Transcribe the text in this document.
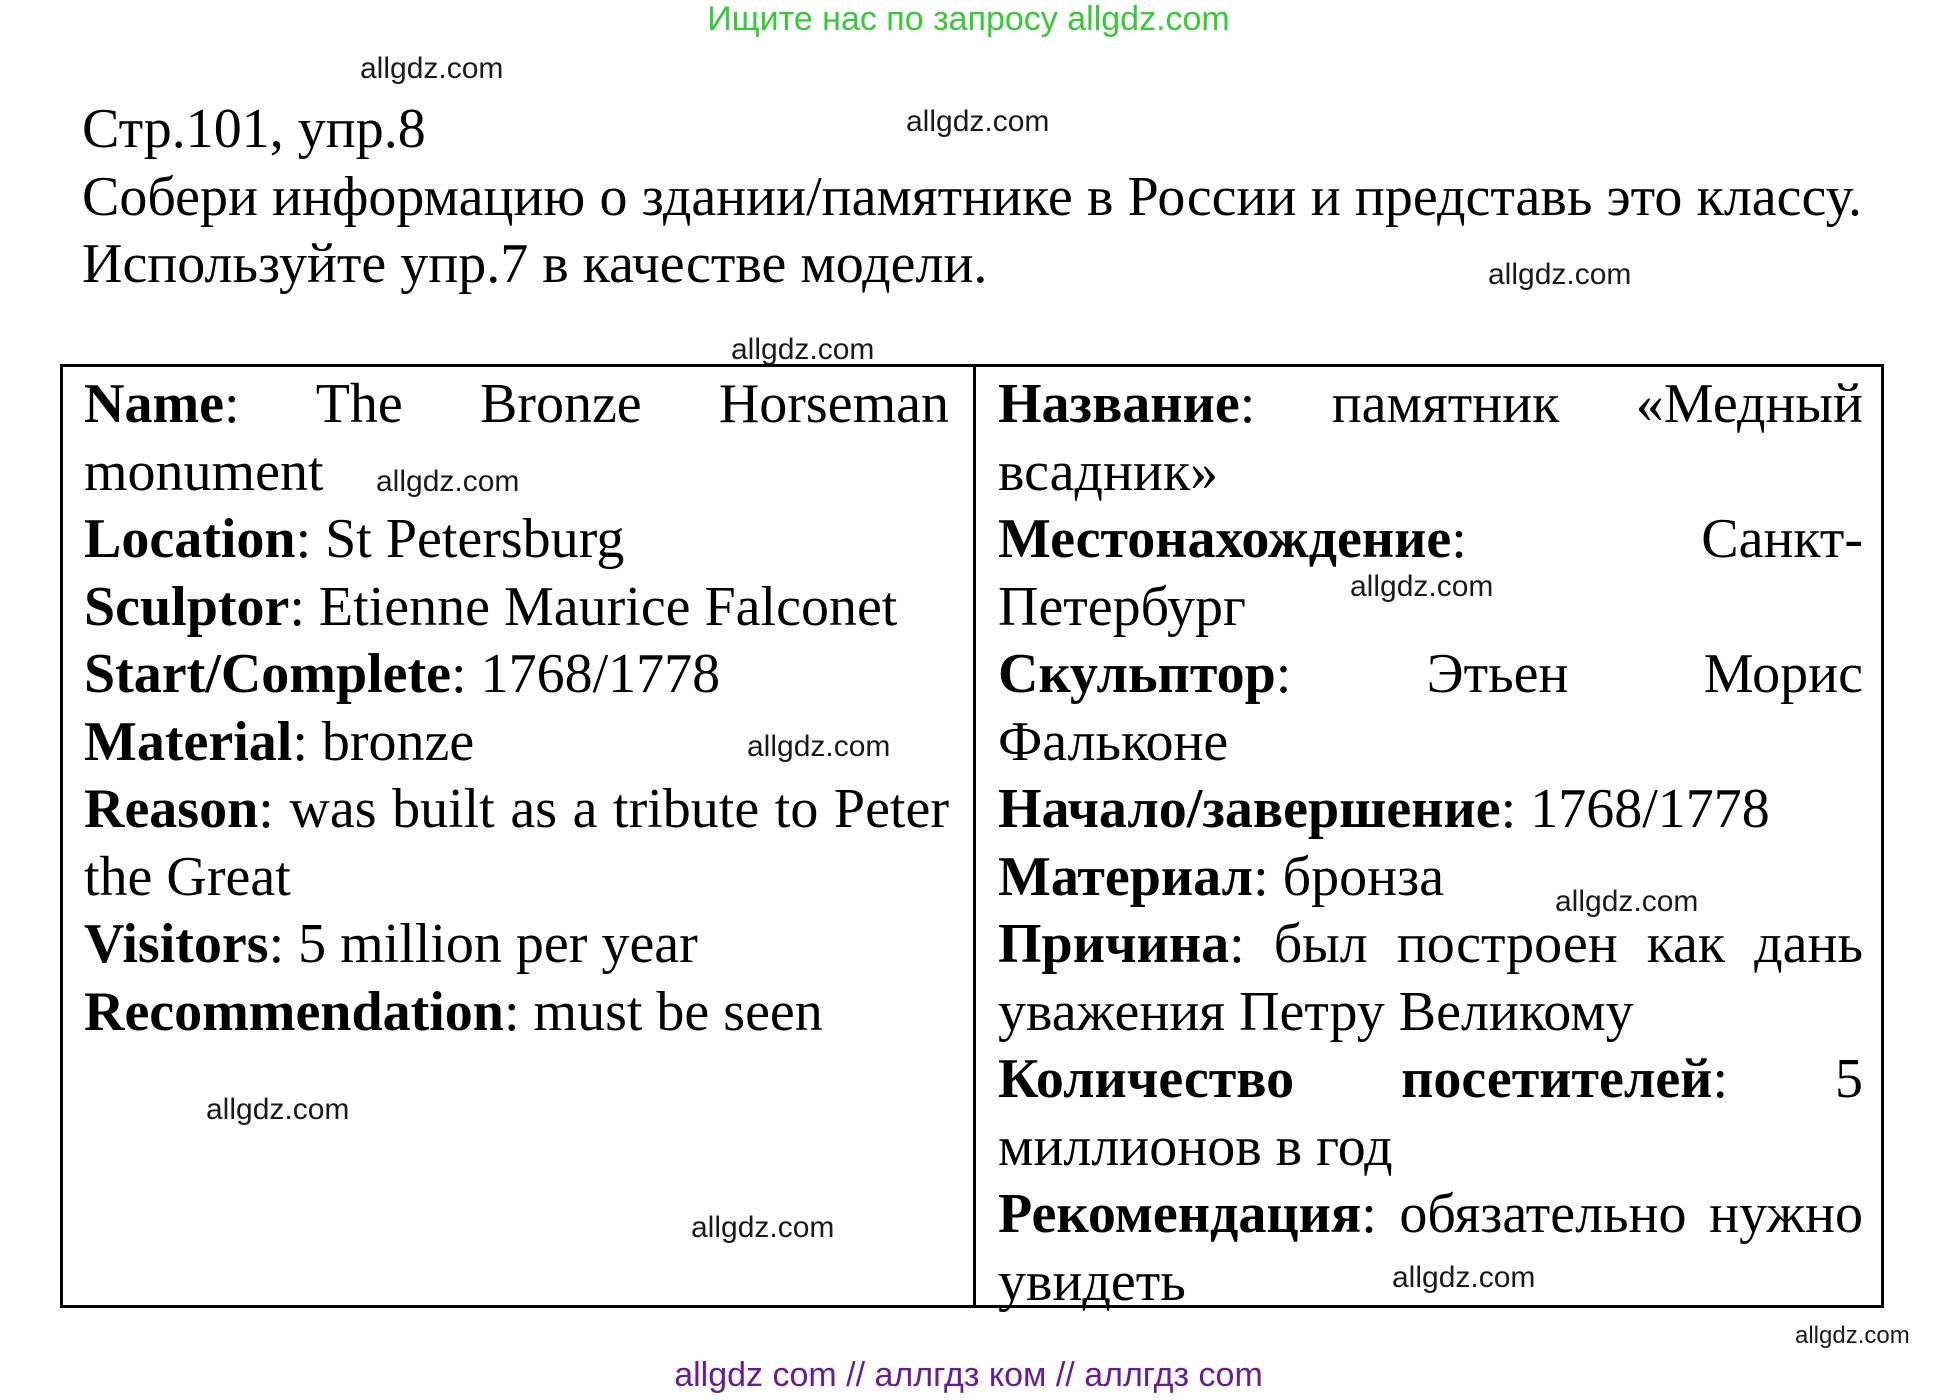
Ищите нас по запросу allgdz.com
Стр.101, упр.8
Собери информацию о здании/памятнике в России и представь это классу. Используйте упр.7 в качестве модели.
Name: The Bronze Horseman monument
Location: St Petersburg
Sculptor: Etienne Maurice Falconet
Start/Complete: 1768/1778
Material: bronze
Reason: was built as a tribute to Peter the Great
Visitors: 5 million per year
Recommendation: must be seen
Название: памятник «Медный всадник»
Местонахождение: Санкт-Петербург
Скульптор: Этьен Морис Фальконе
Начало/завершение: 1768/1778
Материал: бронза
Причина: был построен как дань уважения Петру Великому
Количество посетителей: 5 миллионов в год
Рекомендация: обязательно нужно увидеть
allgdz.com
allgdz.com
allgdz.com
allgdz.com
allgdz.com
allgdz.com
allgdz.com
allgdz.com
allgdz.com
allgdz.com
allgdz.com
allgdz.com
allgdz com // аллгдз ком // аллгдз com
